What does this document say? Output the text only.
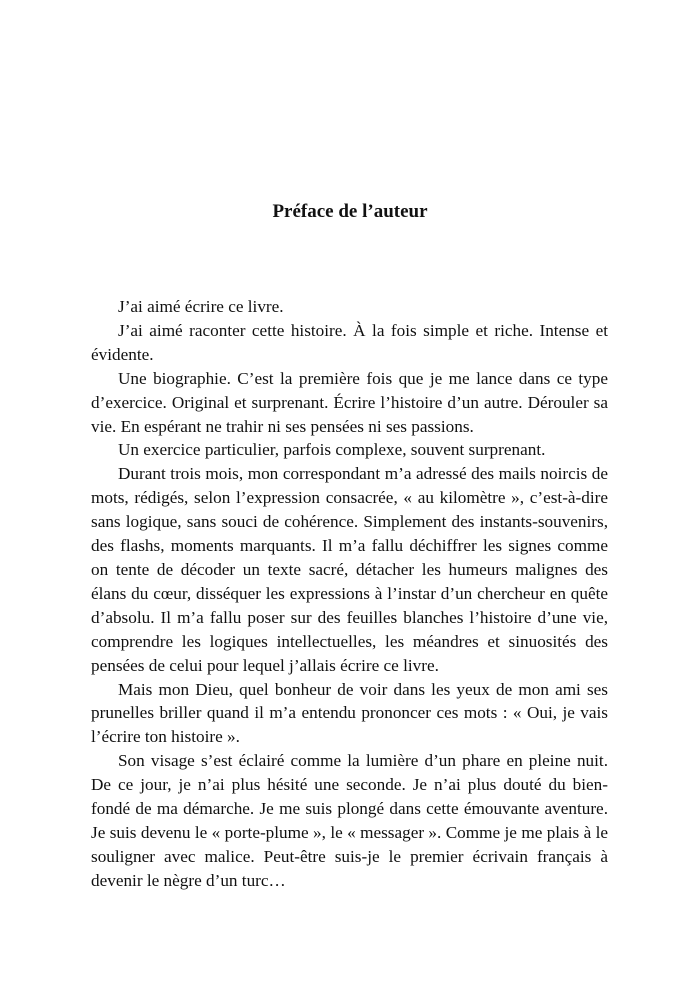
Préface de l’auteur

J’ai aimé écrire ce livre.

J’ai aimé raconter cette histoire. À la fois simple et riche. Intense et évidente.

Une biographie. C’est la première fois que je me lance dans ce type d’exercice. Original et surprenant. Écrire l’histoire d’un autre. Dérouler sa vie. En espérant ne trahir ni ses pensées ni ses passions.

Un exercice particulier, parfois complexe, souvent surprenant.

Durant trois mois, mon correspondant m’a adressé des mails noircis de mots, rédigés, selon l’expression consacrée, « au kilomètre », c’est-à-dire sans logique, sans souci de cohérence. Simplement des instants-souvenirs, des flashs, moments marquants. Il m’a fallu déchiffrer les signes comme on tente de décoder un texte sacré, détacher les humeurs malignes des élans du cœur, disséquer les expressions à l’instar d’un chercheur en quête d’absolu. Il m’a fallu poser sur des feuilles blanches l’histoire d’une vie, comprendre les logiques intellectuelles, les méandres et sinuosités des pensées de celui pour lequel j’allais écrire ce livre.

Mais mon Dieu, quel bonheur de voir dans les yeux de mon ami ses prunelles briller quand il m’a entendu prononcer ces mots : « Oui, je vais l’écrire ton histoire ».

Son visage s’est éclairé comme la lumière d’un phare en pleine nuit. De ce jour, je n’ai plus hésité une seconde. Je n’ai plus douté du bien-fondé de ma démarche. Je me suis plongé dans cette émouvante aventure. Je suis devenu le « porte-plume », le « messager ». Comme je me plais à le souligner avec malice. Peut-être suis-je le premier écrivain français à devenir le nègre d’un turc…
